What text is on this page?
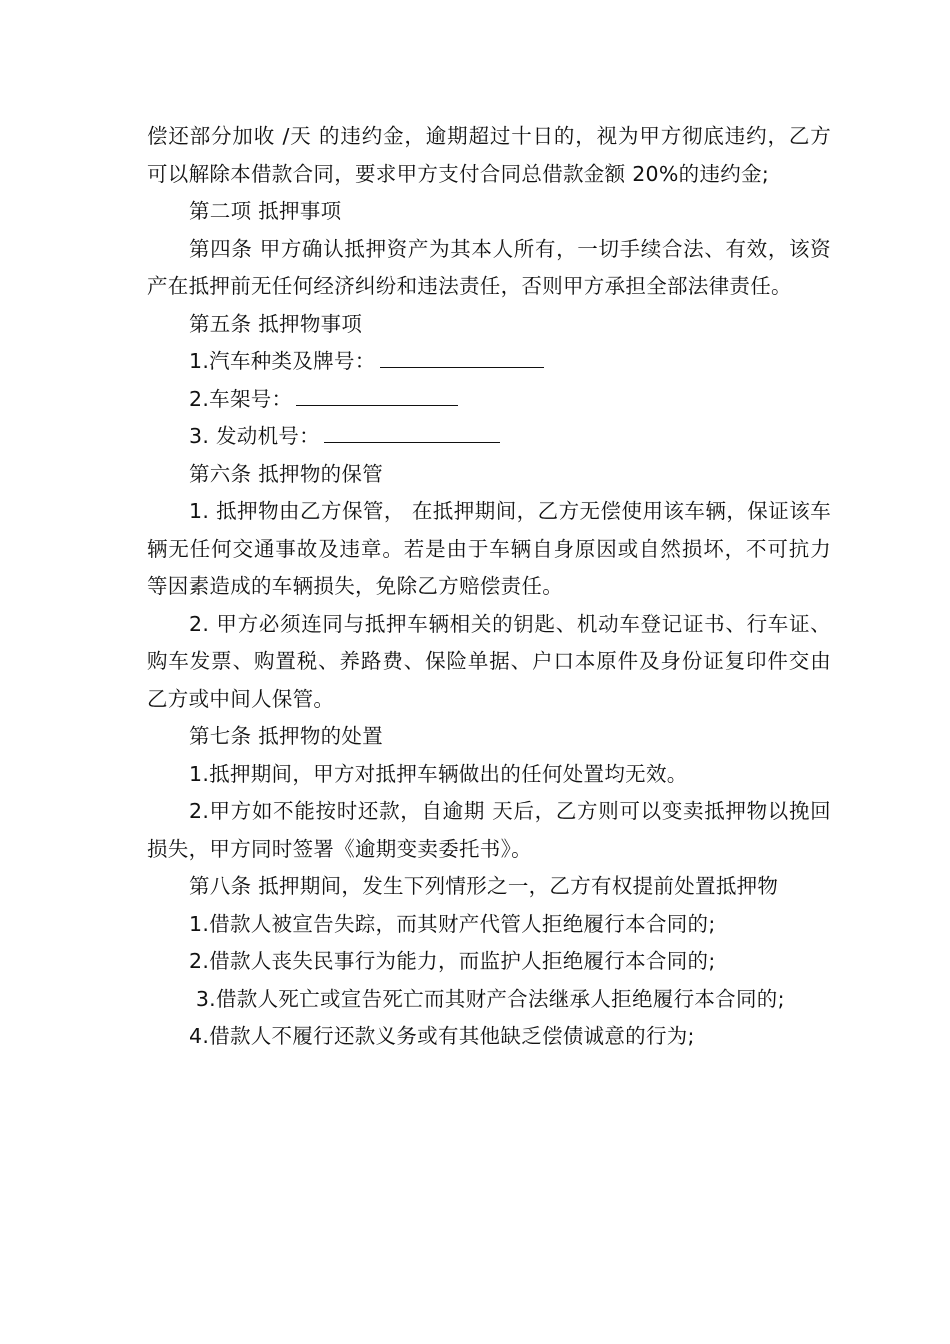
偿还部分加收 /天 的违约金，逾期超过十日的，视为甲方彻底违约，乙方可以解除本借款合同，要求甲方支付合同总借款金额 20%的违约金;

第二项 抵押事项

第四条 甲方确认抵押资产为其本人所有，一切手续合法、有效，该资产在抵押前无任何经济纠纷和违法责任，否则甲方承担全部法律责任。

第五条 抵押物事项

1.汽车种类及牌号：

2.车架号：

3. 发动机号：

第六条 抵押物的保管

1. 抵押物由乙方保管， 在抵押期间，乙方无偿使用该车辆，保证该车辆无任何交通事故及违章。若是由于车辆自身原因或自然损坏，不可抗力等因素造成的车辆损失，免除乙方赔偿责任。

2. 甲方必须连同与抵押车辆相关的钥匙、机动车登记证书、行车证、购车发票、购置税、养路费、保险单据、户口本原件及身份证复印件交由乙方或中间人保管。

第七条 抵押物的处置

1.抵押期间，甲方对抵押车辆做出的任何处置均无效。

2.甲方如不能按时还款，自逾期 天后，乙方则可以变卖抵押物以挽回损失，甲方同时签署《逾期变卖委托书》。

第八条 抵押期间，发生下列情形之一，乙方有权提前处置抵押物

1.借款人被宣告失踪，而其财产代管人拒绝履行本合同的;

2.借款人丧失民事行为能力，而监护人拒绝履行本合同的;

3.借款人死亡或宣告死亡而其财产合法继承人拒绝履行本合同的;

4.借款人不履行还款义务或有其他缺乏偿债诚意的行为;
